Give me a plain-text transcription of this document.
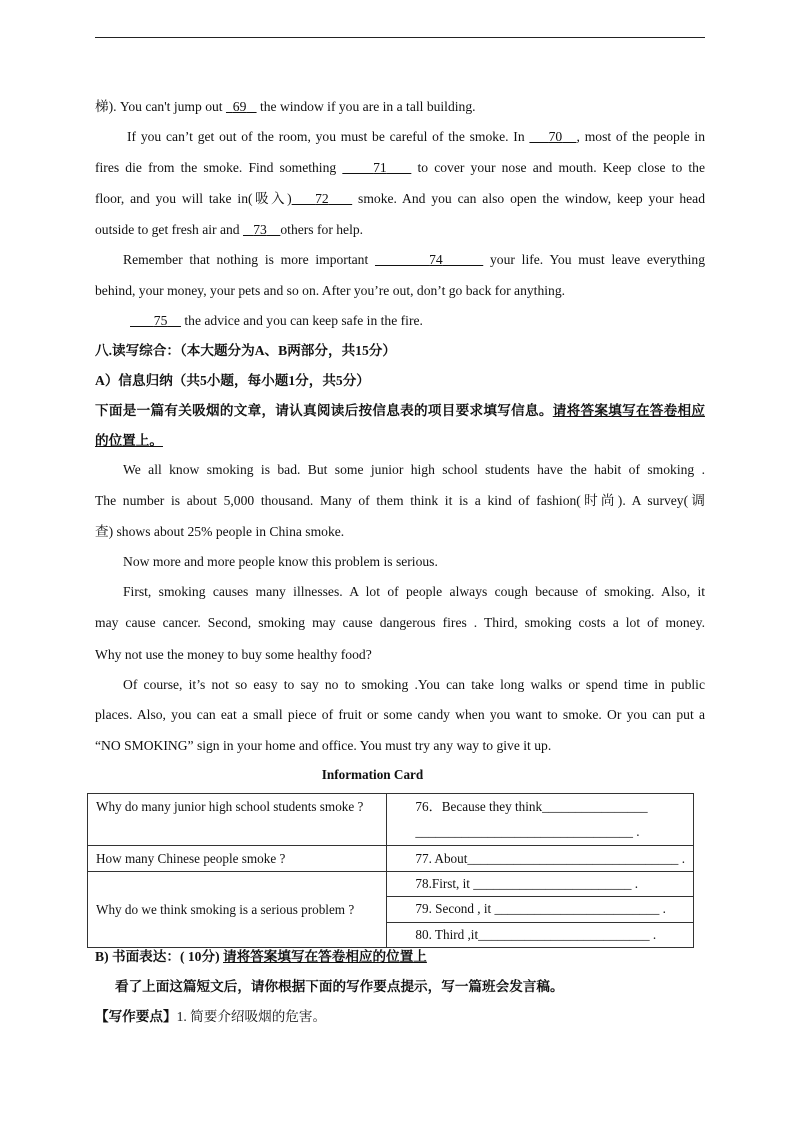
梯). You can't jump out   69    the window if you are in a tall building.
If you can’t get out of the room, you must be careful of the smoke. In     70 , most of the people in
fires die from the smoke. Find something      71     to cover your nose and mouth. Keep close to the
floor, and you will take in(吸入) 72     smoke. And you can also open the window, keep your head
outside to get fresh air and    73 others for help.
Remember that nothing is more important	74	your life. You must leave everything
behind, your money, your pets and so on. After you’re out, don’t go back for anything.
75     the advice and you can keep safe in the fire.
八.读写综合：（本大题分为A、B两部分，共15分）
A）信息归纳（共5小题，每小题1分，共5分）
下面是一篇有关吸烟的文章，请认真阅读后按信息表的项目要求填写信息。请将答案填写在答卷相应
的位置上。
We all know smoking is bad. But some junior high school students have the habit of smoking .
The number is about 5,000 thousand. Many of them think it is a kind of fashion(时尚). A survey(调
查) shows about 25% people in China smoke.
Now more and more people know this problem is serious.
First, smoking causes many illnesses. A lot of people always cough because of smoking. Also, it
may cause cancer. Second, smoking may cause dangerous fires . Third, smoking costs a lot of money.
Why not use the money to buy some healthy food?
Of course, it’s not so easy to say no to smoking .You can take long walks or spend time in public
places. Also, you can eat a small piece of fruit or some candy when you want to smoke. Or you can put a
“NO SMOKING” sign in your home and office. You must try any way to give it up.
Information Card
Why do many junior high school students smoke ?	76．Because they think________________
_________________________________ .

How many Chinese people smoke ?	77. About________________________________ .

Why do we think smoking is a serious problem ?	78.First, it ________________________ .

	79. Second , it _________________________ .

	80. Third ,it__________________________ .
B) 书面表达：( 10分) 请将答案填写在答卷相应的位置上
看了上面这篇短文后，请你根据下面的写作要点提示，写一篇班会发言稿。
【写作要点】1. 简要介绍吸烟的危害。
